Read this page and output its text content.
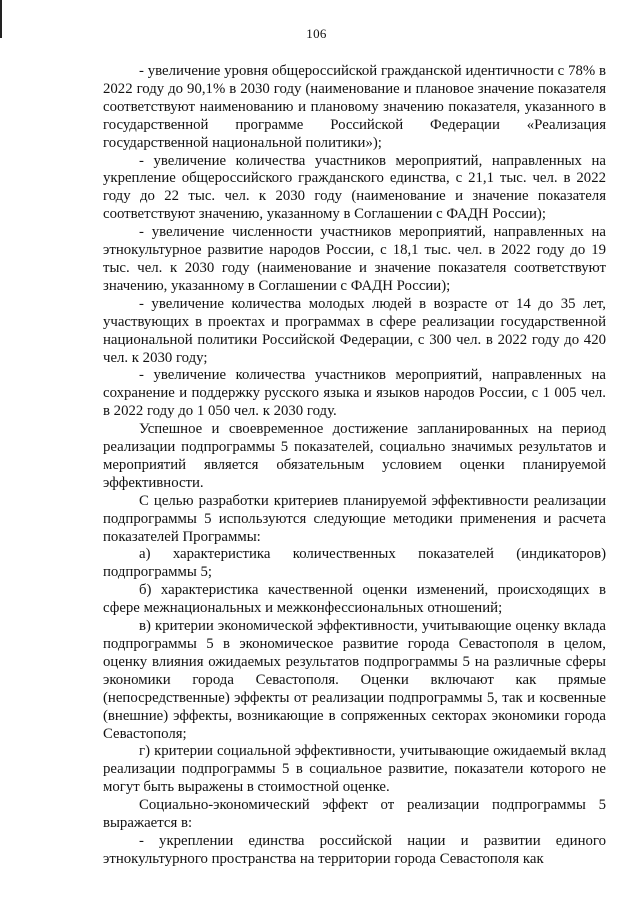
106

- увеличение уровня общероссийской гражданской идентичности с 78% в 2022 году до 90,1% в 2030 году (наименование и плановое значение показателя соответствуют наименованию и плановому значению показателя, указанного в государственной программе Российской Федерации «Реализация государственной национальной политики»);

- увеличение количества участников мероприятий, направленных на укрепление общероссийского гражданского единства, с 21,1 тыс. чел. в 2022 году до 22 тыс. чел. к 2030 году (наименование и значение показателя соответствуют значению, указанному в Соглашении с ФАДН России);

- увеличение численности участников мероприятий, направленных на этнокультурное развитие народов России, с 18,1 тыс. чел. в 2022 году до 19 тыс. чел. к 2030 году (наименование и значение показателя соответствуют значению, указанному в Соглашении с ФАДН России);

- увеличение количества молодых людей в возрасте от 14 до 35 лет, участвующих в проектах и программах в сфере реализации государственной национальной политики Российской Федерации, с 300 чел. в 2022 году до 420 чел. к 2030 году;

- увеличение количества участников мероприятий, направленных на сохранение и поддержку русского языка и языков народов России, с 1 005 чел. в 2022 году до 1 050 чел. к 2030 году.

Успешное и своевременное достижение запланированных на период реализации подпрограммы 5 показателей, социально значимых результатов и мероприятий является обязательным условием оценки планируемой эффективности.

С целью разработки критериев планируемой эффективности реализации подпрограммы 5 используются следующие методики применения и расчета показателей Программы:

а) характеристика количественных показателей (индикаторов) подпрограммы 5;

б) характеристика качественной оценки изменений, происходящих в сфере межнациональных и межконфессиональных отношений;

в) критерии экономической эффективности, учитывающие оценку вклада подпрограммы 5 в экономическое развитие города Севастополя в целом, оценку влияния ожидаемых результатов подпрограммы 5 на различные сферы экономики города Севастополя. Оценки включают как прямые (непосредственные) эффекты от реализации подпрограммы 5, так и косвенные (внешние) эффекты, возникающие в сопряженных секторах экономики города Севастополя;

г) критерии социальной эффективности, учитывающие ожидаемый вклад реализации подпрограммы 5 в социальное развитие, показатели которого не могут быть выражены в стоимостной оценке.

Социально-экономический эффект от реализации подпрограммы 5 выражается в:

- укреплении единства российской нации и развитии единого этнокультурного пространства на территории города Севастополя как
